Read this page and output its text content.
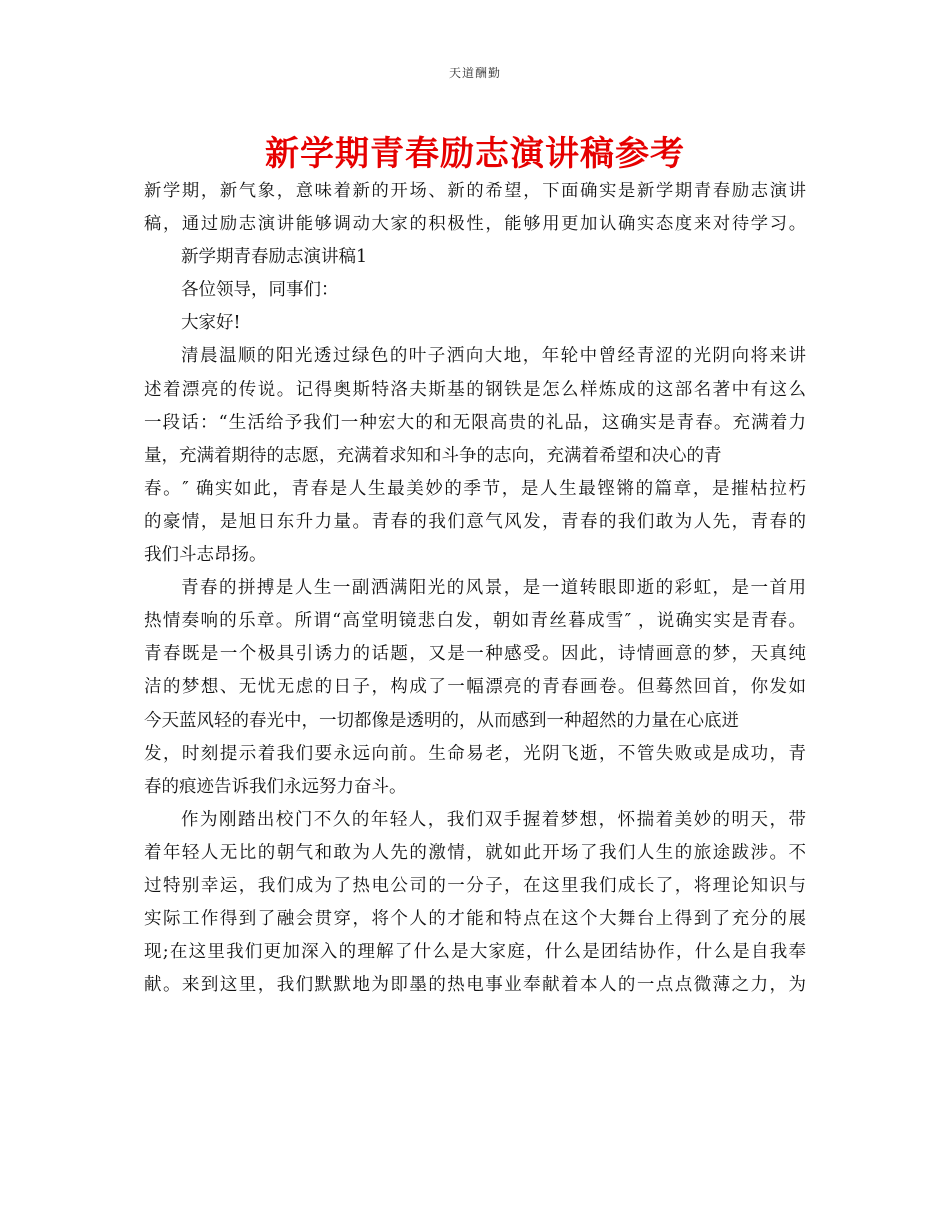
天道酬勤
新学期青春励志演讲稿参考
新学期，新气象，意味着新的开场、新的希望，下面确实是新学期青春励志演讲
稿，通过励志演讲能够调动大家的积极性，能够用更加认确实态度来对待学习。
新学期青春励志演讲稿1
各位领导，同事们：
大家好!
清晨温顺的阳光透过绿色的叶子洒向大地，年轮中曾经青涩的光阴向将来讲
述着漂亮的传说。记得奥斯特洛夫斯基的钢铁是怎么样炼成的这部名著中有这么
一段话：“生活给予我们一种宏大的和无限高贵的礼品，这确实是青春。充满着力
量，充满着期待的志愿，充满着求知和斗争的志向，充满着希望和决心的青
春。″ 确实如此，青春是人生最美妙的季节，是人生最铿锵的篇章，是摧枯拉朽
的豪情，是旭日东升力量。青春的我们意气风发，青春的我们敢为人先，青春的
我们斗志昂扬。
青春的拼搏是人生一副洒满阳光的风景，是一道转眼即逝的彩虹，是一首用
热情奏响的乐章。所谓“高堂明镜悲白发，朝如青丝暮成雪″ ，说确实实是青春。
青春既是一个极具引诱力的话题，又是一种感受。因此，诗情画意的梦，天真纯
洁的梦想、无忧无虑的日子，构成了一幅漂亮的青春画卷。但蓦然回首，你发如
今天蓝风轻的春光中，一切都像是透明的，从而感到一种超然的力量在心底迸
发，时刻提示着我们要永远向前。生命易老，光阴飞逝，不管失败或是成功，青
春的痕迹告诉我们永远努力奋斗。
作为刚踏出校门不久的年轻人，我们双手握着梦想，怀揣着美妙的明天，带
着年轻人无比的朝气和敢为人先的激情，就如此开场了我们人生的旅途跋涉。不
过特别幸运，我们成为了热电公司的一分子，在这里我们成长了，将理论知识与
实际工作得到了融会贯穿，将个人的才能和特点在这个大舞台上得到了充分的展
现;在这里我们更加深入的理解了什么是大家庭，什么是团结协作，什么是自我奉
献。来到这里，我们默默地为即墨的热电事业奉献着本人的一点点微薄之力，为
